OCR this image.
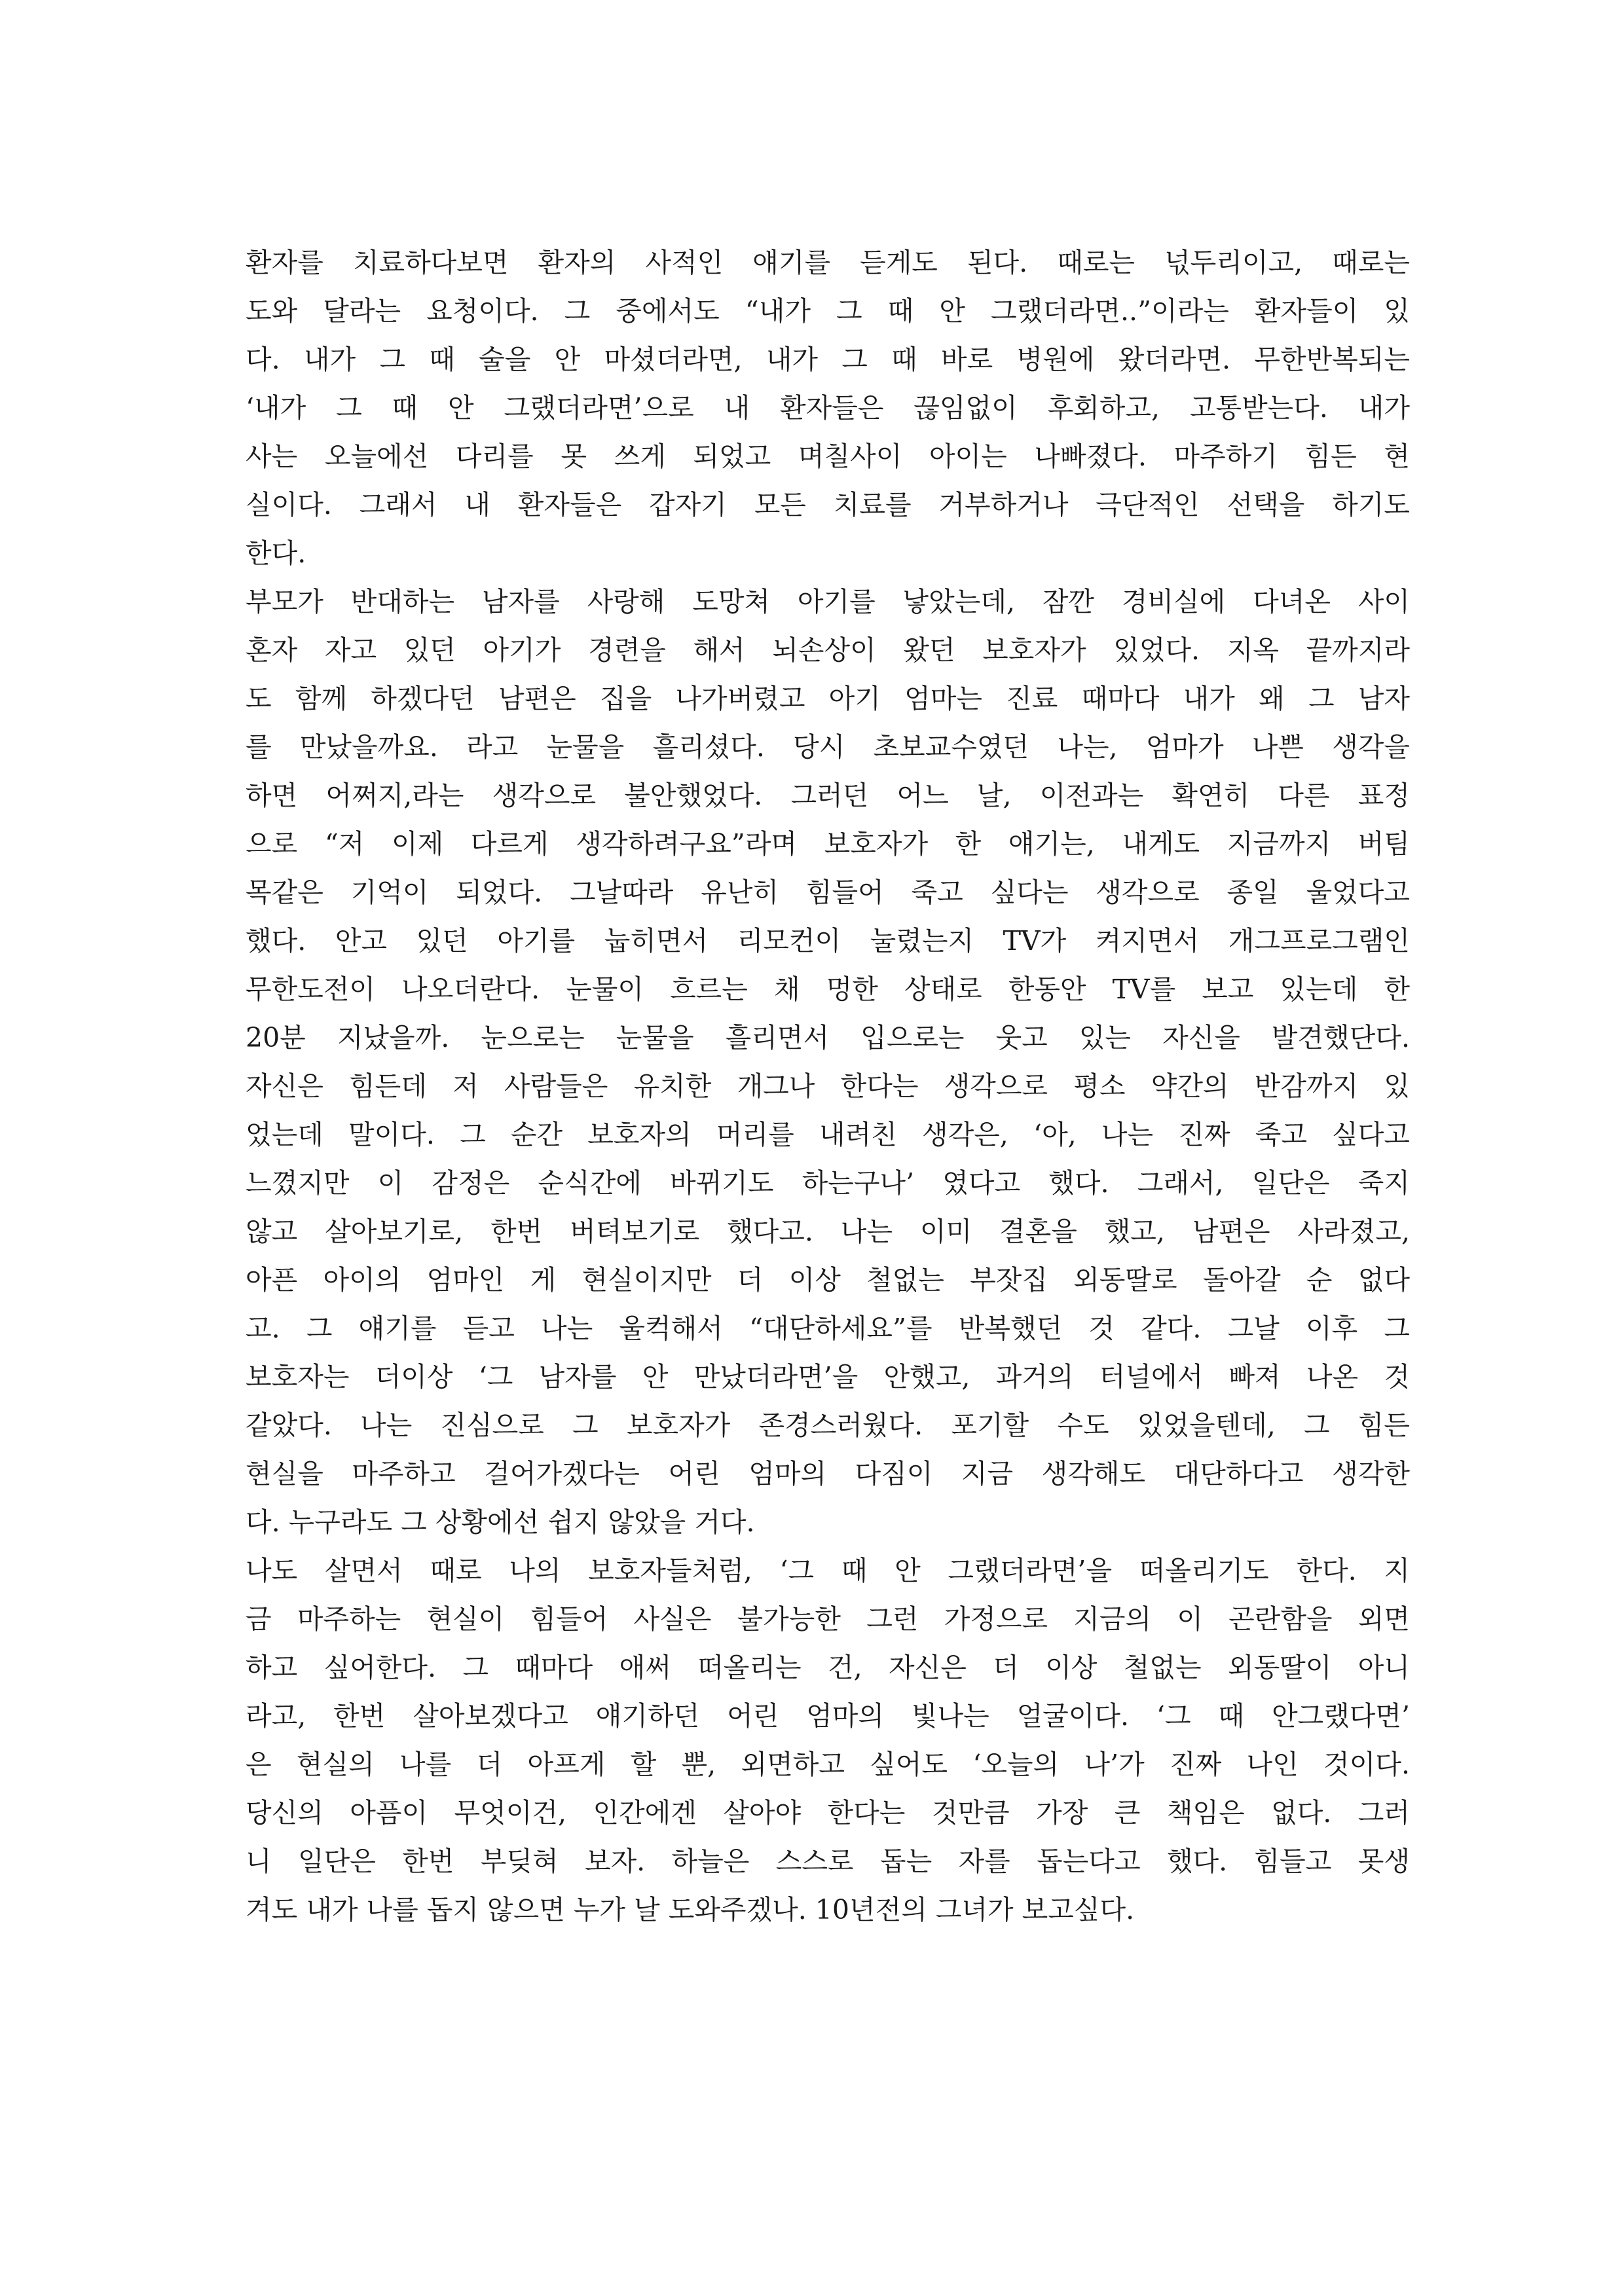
환자를 치료하다보면 환자의 사적인 얘기를 듣게도 된다. 때로는 넋두리이고, 때로는
도와 달라는 요청이다. 그 중에서도 “내가 그 때 안 그랬더라면..”이라는 환자들이 있
다. 내가 그 때 술을 안 마셨더라면, 내가 그 때 바로 병원에 왔더라면. 무한반복되는
‘내가 그 때 안 그랬더라면’으로 내 환자들은 끊임없이 후회하고, 고통받는다. 내가
사는 오늘에선 다리를 못 쓰게 되었고 며칠사이 아이는 나빠졌다. 마주하기 힘든 현
실이다. 그래서 내 환자들은 갑자기 모든 치료를 거부하거나 극단적인 선택을 하기도
한다.
부모가 반대하는 남자를 사랑해 도망쳐 아기를 낳았는데, 잠깐 경비실에 다녀온 사이
혼자 자고 있던 아기가 경련을 해서 뇌손상이 왔던 보호자가 있었다. 지옥 끝까지라
도 함께 하겠다던 남편은 집을 나가버렸고 아기 엄마는 진료 때마다 내가 왜 그 남자
를 만났을까요. 라고 눈물을 흘리셨다. 당시 초보교수였던 나는, 엄마가 나쁜 생각을
하면 어쩌지,라는 생각으로 불안했었다. 그러던 어느 날, 이전과는 확연히 다른 표정
으로 “저 이제 다르게 생각하려구요”라며 보호자가 한 얘기는, 내게도 지금까지 버팀
목같은 기억이 되었다. 그날따라 유난히 힘들어 죽고 싶다는 생각으로 종일 울었다고
했다. 안고 있던 아기를 눕히면서 리모컨이 눌렸는지 TV가 켜지면서 개그프로그램인
무한도전이 나오더란다. 눈물이 흐르는 채 멍한 상태로 한동안 TV를 보고 있는데 한
20분 지났을까. 눈으로는 눈물을 흘리면서 입으로는 웃고 있는 자신을 발견했단다.
자신은 힘든데 저 사람들은 유치한 개그나 한다는 생각으로 평소 약간의 반감까지 있
었는데 말이다. 그 순간 보호자의 머리를 내려친 생각은, ‘아, 나는 진짜 죽고 싶다고
느꼈지만 이 감정은 순식간에 바뀌기도 하는구나’ 였다고 했다. 그래서, 일단은 죽지
않고 살아보기로, 한번 버텨보기로 했다고. 나는 이미 결혼을 했고, 남편은 사라졌고,
아픈 아이의 엄마인 게 현실이지만 더 이상 철없는 부잣집 외동딸로 돌아갈 순 없다
고. 그 얘기를 듣고 나는 울컥해서 “대단하세요”를 반복했던 것 같다. 그날 이후 그
보호자는 더이상 ‘그 남자를 안 만났더라면’을 안했고, 과거의 터널에서 빠져 나온 것
같았다. 나는 진심으로 그 보호자가 존경스러웠다. 포기할 수도 있었을텐데, 그 힘든
현실을 마주하고 걸어가겠다는 어린 엄마의 다짐이 지금 생각해도 대단하다고 생각한
다. 누구라도 그 상황에선 쉽지 않았을 거다.
나도 살면서 때로 나의 보호자들처럼, ‘그 때 안 그랬더라면’을 떠올리기도 한다. 지
금 마주하는 현실이 힘들어 사실은 불가능한 그런 가정으로 지금의 이 곤란함을 외면
하고 싶어한다. 그 때마다 애써 떠올리는 건, 자신은 더 이상 철없는 외동딸이 아니
라고, 한번 살아보겠다고 얘기하던 어린 엄마의 빛나는 얼굴이다. ‘그 때 안그랬다면’
은 현실의 나를 더 아프게 할 뿐, 외면하고 싶어도 ‘오늘의 나’가 진짜 나인 것이다.
당신의 아픔이 무엇이건, 인간에겐 살아야 한다는 것만큼 가장 큰 책임은 없다. 그러
니 일단은 한번 부딪혀 보자. 하늘은 스스로 돕는 자를 돕는다고 했다. 힘들고 못생
겨도 내가 나를 돕지 않으면 누가 날 도와주겠나. 10년전의 그녀가 보고싶다.
